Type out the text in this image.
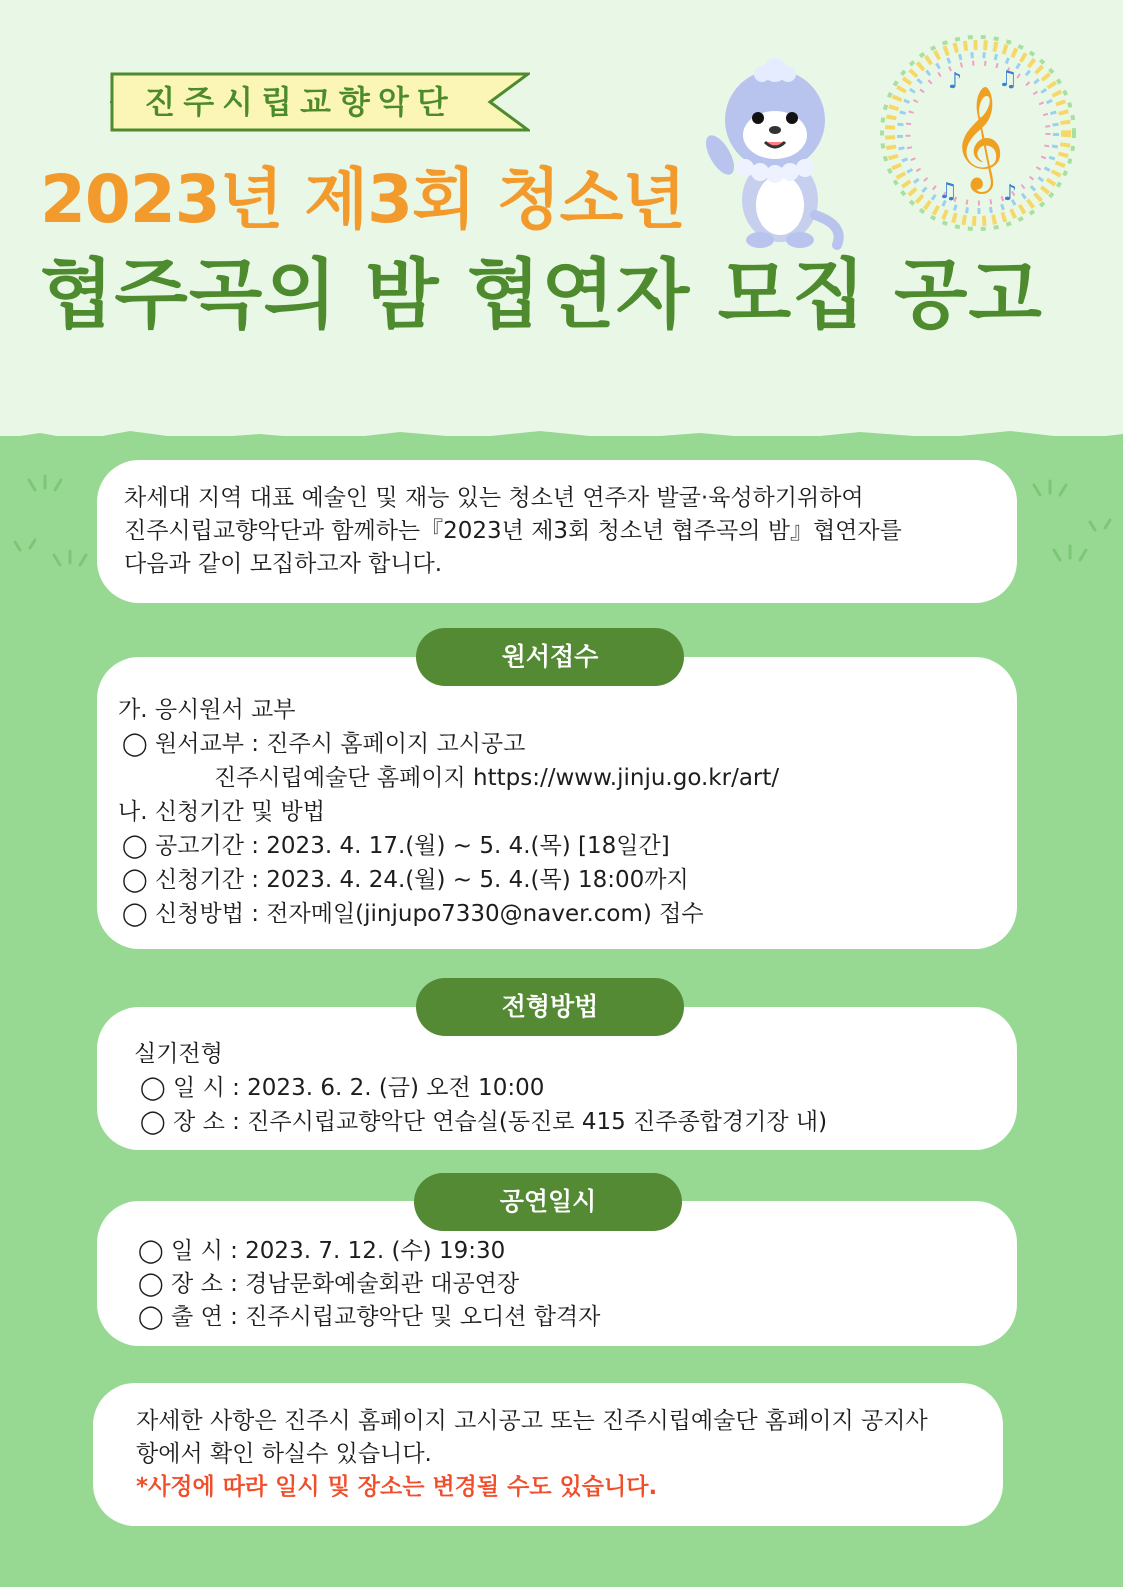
진주시립교향악단
2023년 제3회 청소년
협주곡의 밤 협연자 모집 공고
𝄞
♪ ♫
♫ ♪
차세대 지역 대표 예술인 및 재능 있는 청소년 연주자 발굴·육성하기위하여
진주시립교향악단과 함께하는『2023년 제3회 청소년 협주곡의 밤』협연자를
다음과 같이 모집하고자 합니다.
원서접수
가. 응시원서 교부
◯ 원서교부 : 진주시 홈페이지 고시공고
진주시립예술단 홈페이지 https://www.jinju.go.kr/art/
나. 신청기간 및 방법
◯ 공고기간 : 2023. 4. 17.(월) ~ 5. 4.(목) [18일간]
◯ 신청기간 : 2023. 4. 24.(월) ~ 5. 4.(목) 18:00까지
◯ 신청방법 : 전자메일(jinjupo7330@naver.com) 접수
전형방법
실기전형
◯ 일 시 : 2023. 6. 2. (금) 오전 10:00
◯ 장 소 : 진주시립교향악단 연습실(동진로 415 진주종합경기장 내)
공연일시
◯ 일 시 : 2023. 7. 12. (수) 19:30
◯ 장 소 : 경남문화예술회관 대공연장
◯ 출 연 : 진주시립교향악단 및 오디션 합격자
자세한 사항은 진주시 홈페이지 고시공고 또는 진주시립예술단 홈페이지 공지사
항에서 확인 하실수 있습니다.
*사정에 따라 일시 및 장소는 변경될 수도 있습니다.
